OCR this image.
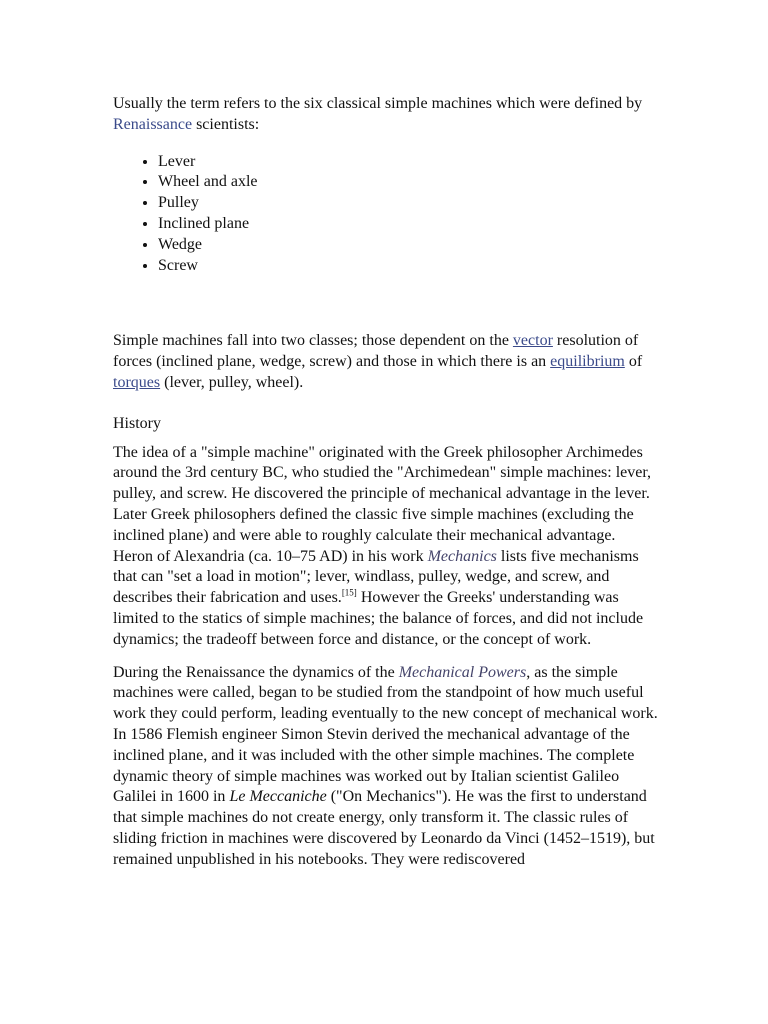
Usually the term refers to the six classical simple machines which were defined by Renaissance scientists:

• Lever
• Wheel and axle
• Pulley
• Inclined plane
• Wedge
• Screw

Simple machines fall into two classes; those dependent on the vector resolution of forces (inclined plane, wedge, screw) and those in which there is an equilibrium of torques (lever, pulley, wheel).

History

The idea of a "simple machine" originated with the Greek philosopher Archimedes around the 3rd century BC, who studied the "Archimedean" simple machines: lever, pulley, and screw. He discovered the principle of mechanical advantage in the lever. Later Greek philosophers defined the classic five simple machines (excluding the inclined plane) and were able to roughly calculate their mechanical advantage. Heron of Alexandria (ca. 10–75 AD) in his work Mechanics lists five mechanisms that can "set a load in motion"; lever, windlass, pulley, wedge, and screw, and describes their fabrication and uses.[15] However the Greeks' understanding was limited to the statics of simple machines; the balance of forces, and did not include dynamics; the tradeoff between force and distance, or the concept of work.

During the Renaissance the dynamics of the Mechanical Powers, as the simple machines were called, began to be studied from the standpoint of how much useful work they could perform, leading eventually to the new concept of mechanical work. In 1586 Flemish engineer Simon Stevin derived the mechanical advantage of the inclined plane, and it was included with the other simple machines. The complete dynamic theory of simple machines was worked out by Italian scientist Galileo Galilei in 1600 in Le Meccaniche ("On Mechanics"). He was the first to understand that simple machines do not create energy, only transform it. The classic rules of sliding friction in machines were discovered by Leonardo da Vinci (1452–1519), but remained unpublished in his notebooks. They were rediscovered
